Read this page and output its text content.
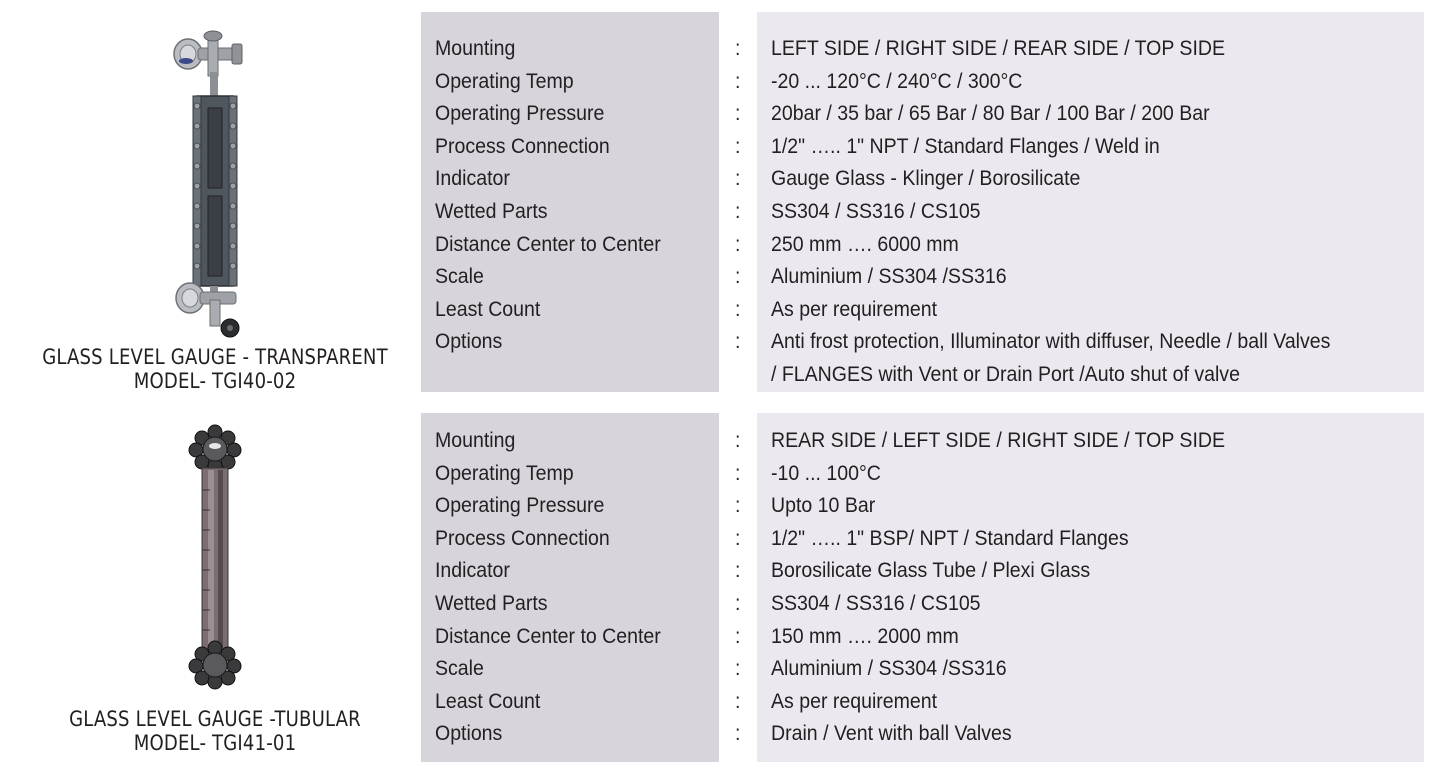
GLASS LEVEL GAUGE - TRANSPARENT
MODEL- TGI40-02
Mounting
Operating Temp
Operating Pressure
Process Connection
Indicator
Wetted Parts
Distance Center to Center
Scale
Least Count
Options
:
:
:
:
:
:
:
:
:
:
LEFT SIDE / RIGHT SIDE / REAR SIDE / TOP SIDE
-20 ... 120°C / 240°C / 300°C
20bar / 35 bar / 65 Bar / 80 Bar / 100 Bar / 200 Bar
1/2" ….. 1" NPT / Standard Flanges / Weld in
Gauge Glass - Klinger / Borosilicate
SS304 / SS316 / CS105
250 mm …. 6000 mm
Aluminium / SS304 /SS316
As per requirement
Anti frost protection, Illuminator with diffuser, Needle / ball Valves
/ FLANGES with Vent or Drain Port /Auto shut of valve
GLASS LEVEL GAUGE -TUBULAR
MODEL- TGI41-01
Mounting
Operating Temp
Operating Pressure
Process Connection
Indicator
Wetted Parts
Distance Center to Center
Scale
Least Count
Options
:
:
:
:
:
:
:
:
:
:
REAR SIDE / LEFT SIDE / RIGHT SIDE / TOP SIDE
-10 ... 100°C
Upto 10 Bar
1/2" ….. 1" BSP/ NPT / Standard Flanges
Borosilicate Glass Tube / Plexi Glass
SS304 / SS316 / CS105
150 mm …. 2000 mm
Aluminium / SS304 /SS316
As per requirement
Drain / Vent with ball Valves
